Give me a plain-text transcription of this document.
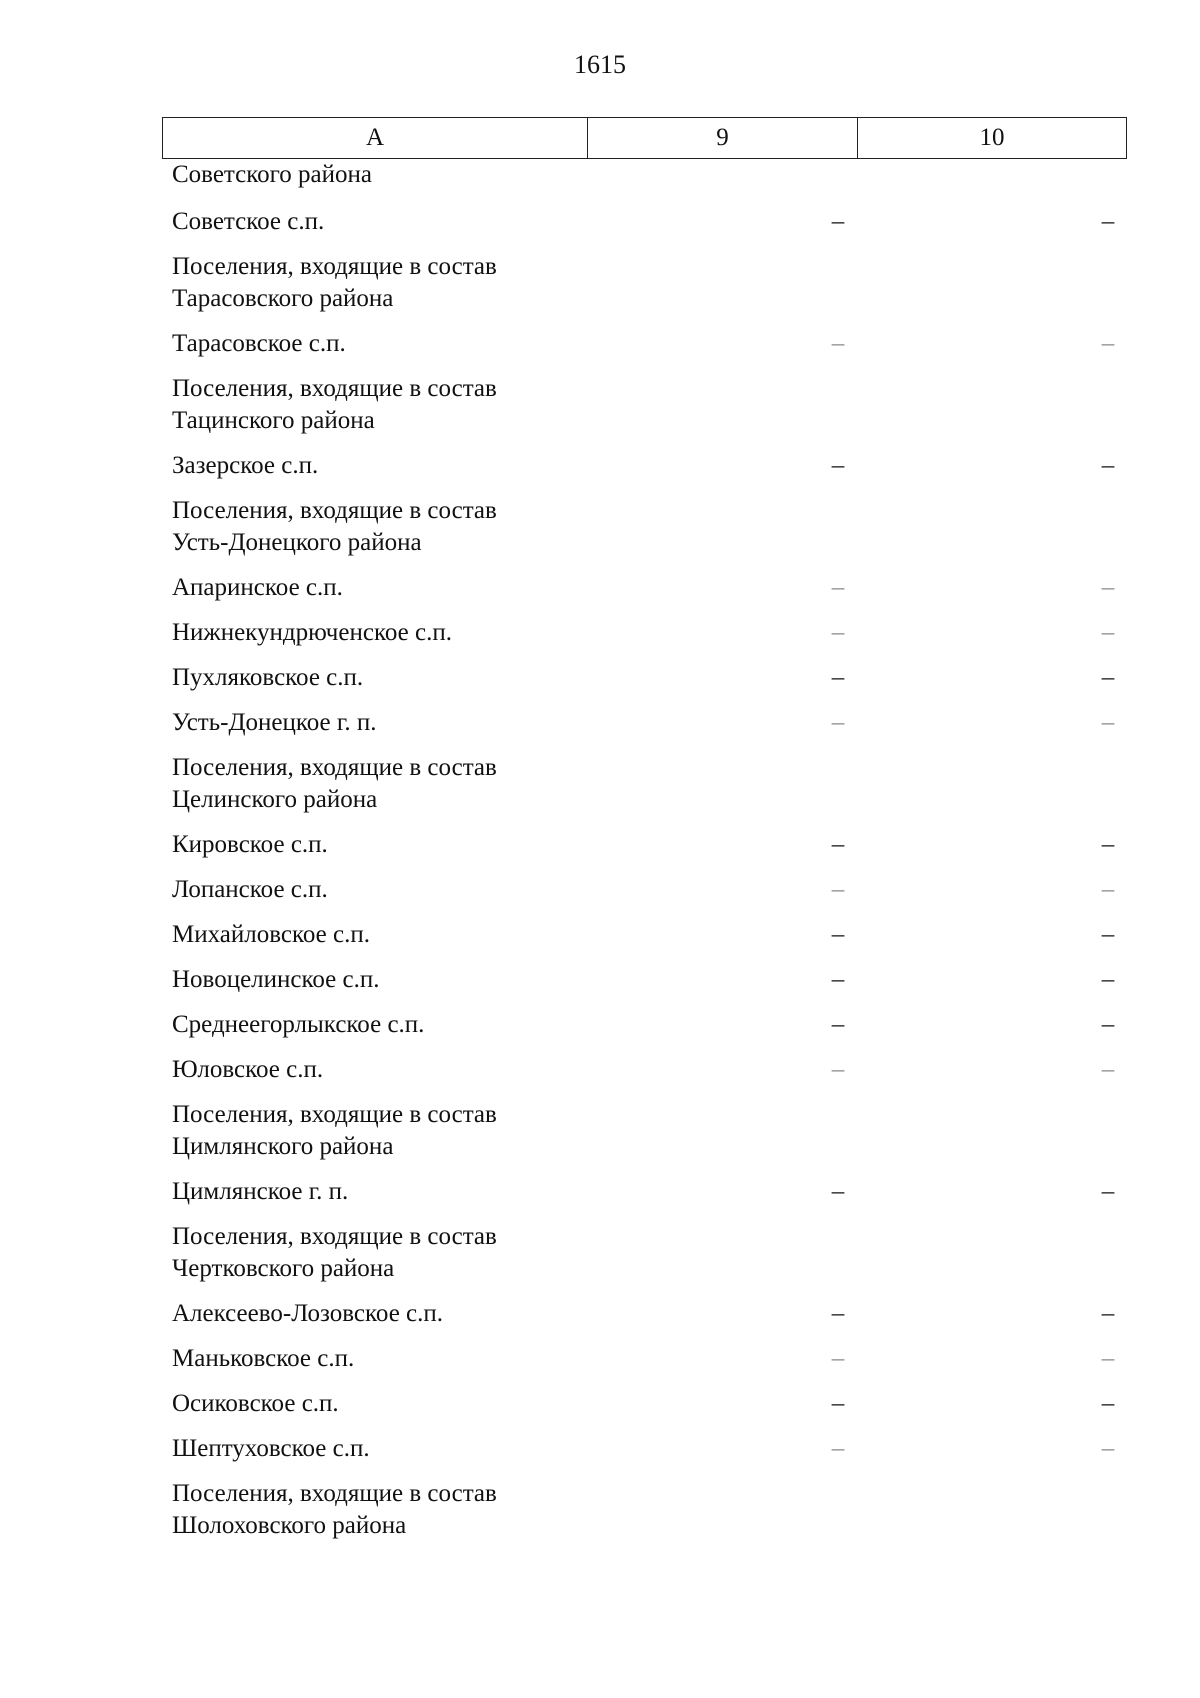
1615
А	9	10
Советского района
Советское с.п.	–	–
Поселения, входящие в состав
Тарасовского района
Тарасовское с.п.	–	–
Поселения, входящие в состав
Тацинского района
Зазерское с.п.	–	–
Поселения, входящие в состав
Усть-Донецкого района
Апаринское с.п.	–	–
Нижнекундрюченское с.п.	–	–
Пухляковское с.п.	–	–
Усть-Донецкое г. п.	–	–
Поселения, входящие в состав
Целинского района
Кировское с.п.	–	–
Лопанское с.п.	–	–
Михайловское с.п.	–	–
Новоцелинское с.п.	–	–
Среднеегорлыкское с.п.	–	–
Юловское с.п.	–	–
Поселения, входящие в состав
Цимлянского района
Цимлянское г. п.	–	–
Поселения, входящие в состав
Чертковского района
Алексеево-Лозовское с.п.	–	–
Маньковское с.п.	–	–
Осиковское с.п.	–	–
Шептуховское с.п.	–	–
Поселения, входящие в состав
Шолоховского района
